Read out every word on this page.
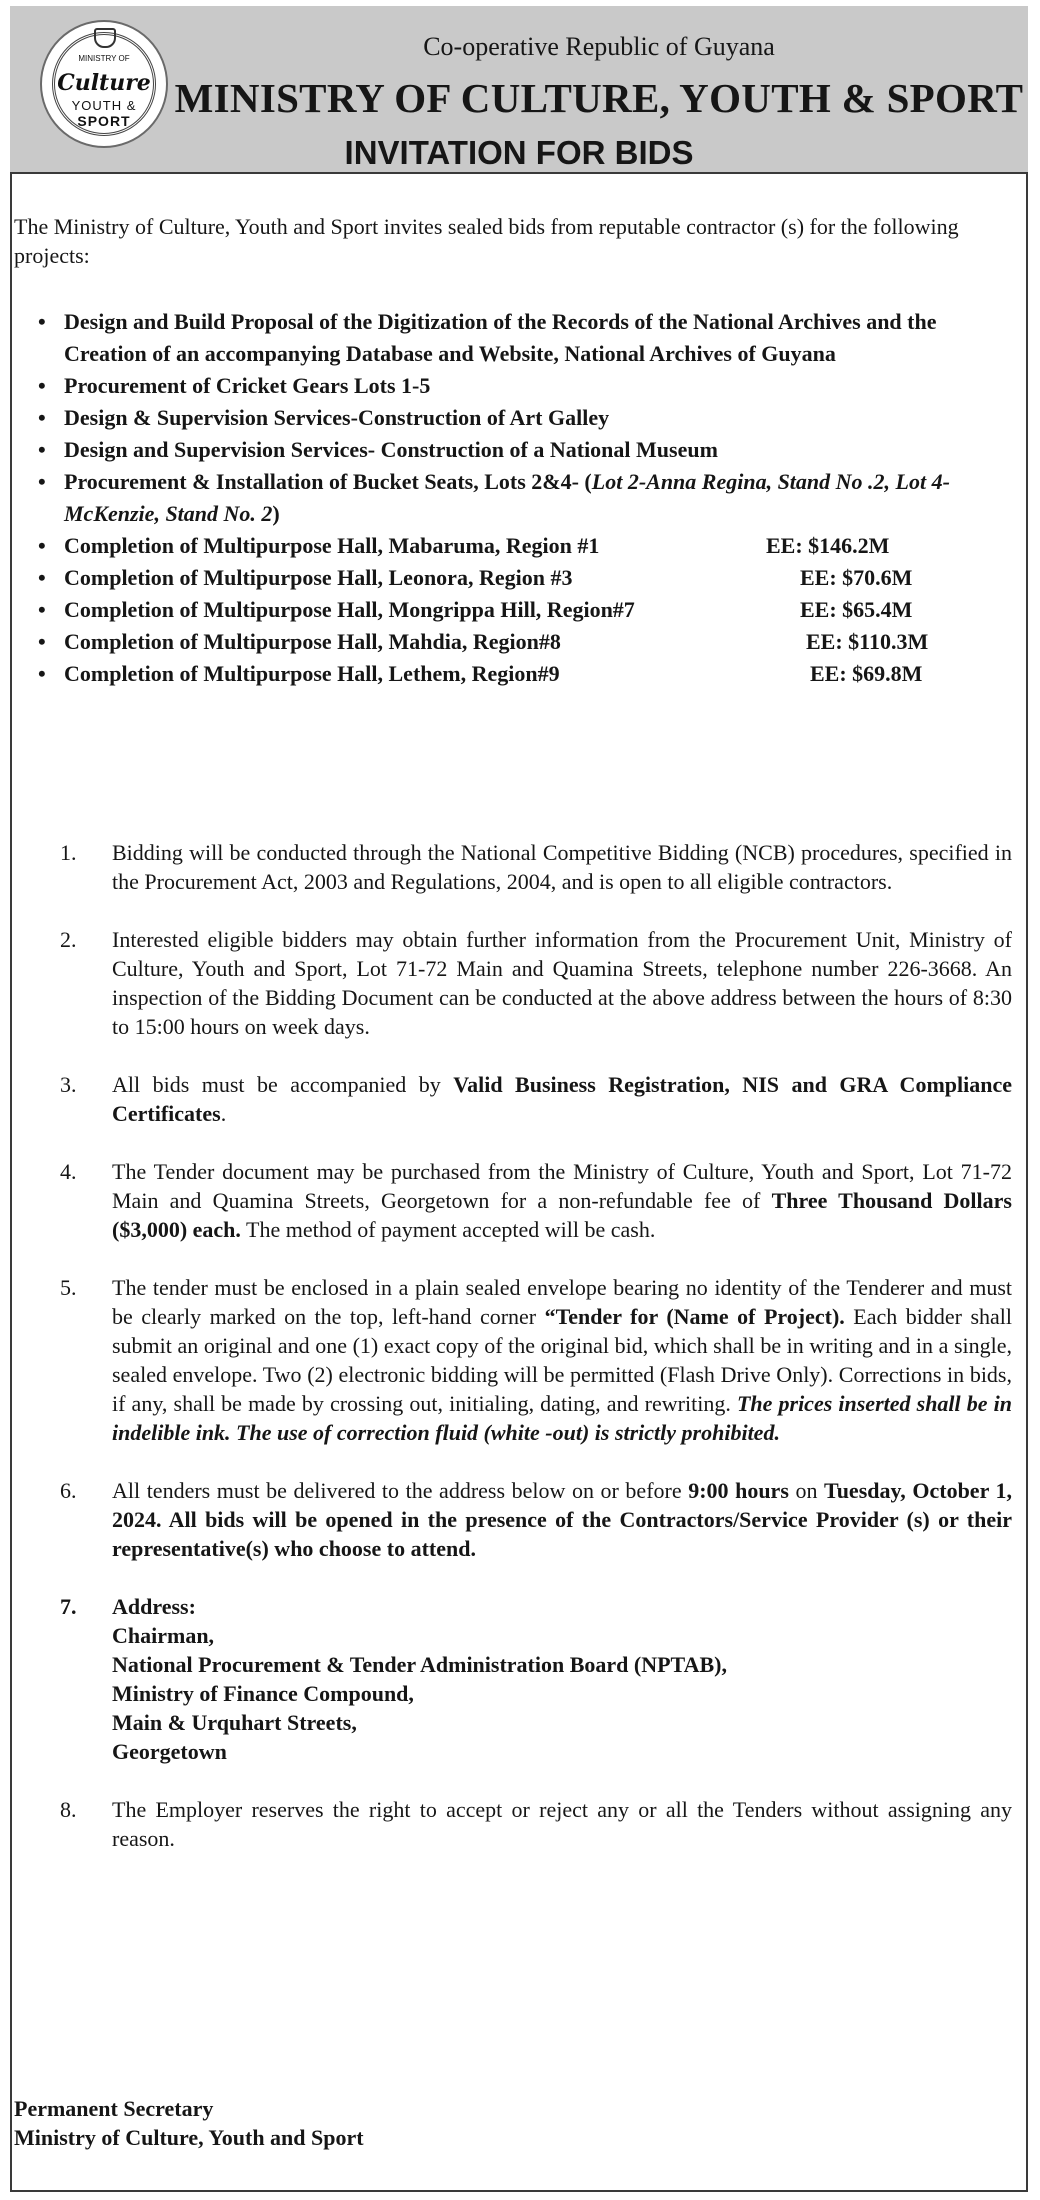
MINISTRY OF
Culture
YOUTH &
SPORT
Co-operative Republic of Guyana
MINISTRY OF CULTURE, YOUTH & SPORT
INVITATION FOR BIDS
The Ministry of Culture, Youth and Sport invites sealed bids from reputable contractor (s) for the following projects:
• Design and Build Proposal of the Digitization of the Records of the National Archives and the Creation of an accompanying Database and Website, National Archives of Guyana
• Procurement of Cricket Gears Lots 1-5
• Design & Supervision Services-Construction of Art Galley
• Design and Supervision Services- Construction of a National Museum
• Procurement & Installation of Bucket Seats, Lots 2&4- (Lot 2-Anna Regina, Stand No .2, Lot 4- McKenzie, Stand No. 2)
• Completion of Multipurpose Hall, Mabaruma, Region #1	EE: $146.2M
• Completion of Multipurpose Hall, Leonora, Region #3	EE: $70.6M
• Completion of Multipurpose Hall, Mongrippa Hill, Region#7	EE: $65.4M
• Completion of Multipurpose Hall, Mahdia, Region#8	EE: $110.3M
• Completion of Multipurpose Hall, Lethem, Region#9	EE: $69.8M
1. Bidding will be conducted through the National Competitive Bidding (NCB) procedures, specified in the Procurement Act, 2003 and Regulations, 2004, and is open to all eligible contractors.
2. Interested eligible bidders may obtain further information from the Procurement Unit, Ministry of Culture, Youth and Sport, Lot 71-72 Main and Quamina Streets, telephone number 226-3668. An inspection of the Bidding Document can be conducted at the above address between the hours of 8:30 to 15:00 hours on week days.
3. All bids must be accompanied by Valid Business Registration, NIS and GRA Compliance Certificates.
4. The Tender document may be purchased from the Ministry of Culture, Youth and Sport, Lot 71-72 Main and Quamina Streets, Georgetown for a non-refundable fee of Three Thousand Dollars ($3,000) each. The method of payment accepted will be cash.
5. The tender must be enclosed in a plain sealed envelope bearing no identity of the Tenderer and must be clearly marked on the top, left-hand corner “Tender for (Name of Project). Each bidder shall submit an original and one (1) exact copy of the original bid, which shall be in writing and in a single, sealed envelope. Two (2) electronic bidding will be permitted (Flash Drive Only). Corrections in bids, if any, shall be made by crossing out, initialing, dating, and rewriting. The prices inserted shall be in indelible ink. The use of correction fluid (white -out) is strictly prohibited.
6. All tenders must be delivered to the address below on or before 9:00 hours on Tuesday, October 1, 2024. All bids will be opened in the presence of the Contractors/Service Provider (s) or their representative(s) who choose to attend.
7. Address:
Chairman,
National Procurement & Tender Administration Board (NPTAB),
Ministry of Finance Compound,
Main & Urquhart Streets,
Georgetown
8. The Employer reserves the right to accept or reject any or all the Tenders without assigning any reason.
Permanent Secretary
Ministry of Culture, Youth and Sport
